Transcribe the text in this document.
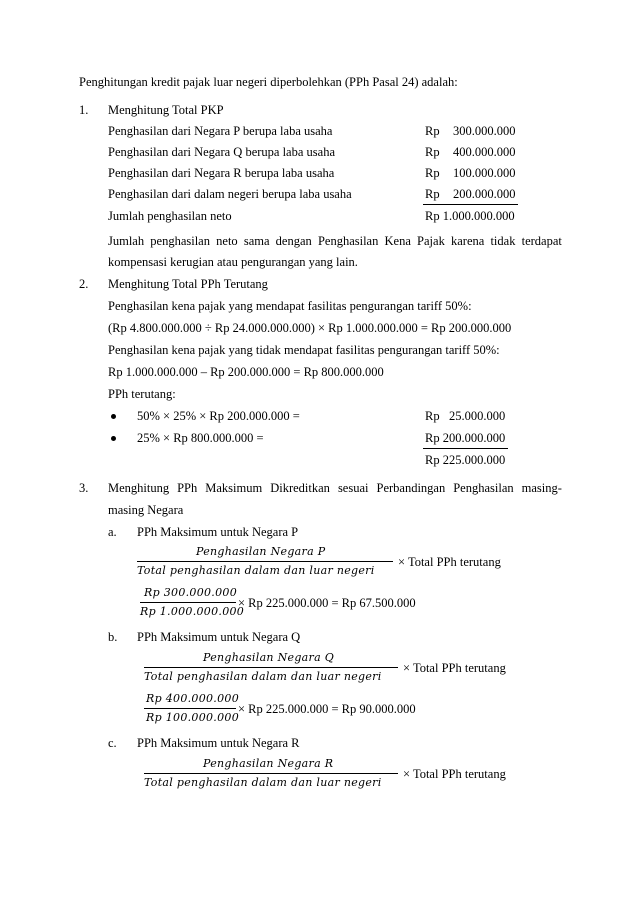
Penghitungan kredit pajak luar negeri diperbolehkan (PPh Pasal 24) adalah:
1. Menghitung Total PKP
Penghasilan dari Negara P berupa laba usaha	Rp 300.000.000
Penghasilan dari Negara Q berupa laba usaha	Rp 400.000.000
Penghasilan dari Negara R berupa laba usaha	Rp 100.000.000
Penghasilan dari dalam negeri berupa laba usaha	Rp 200.000.000
Jumlah penghasilan neto	Rp 1.000.000.000
Jumlah penghasilan neto sama dengan Penghasilan Kena Pajak karena tidak terdapat
kompensasi kerugian atau pengurangan yang lain.
2. Menghitung Total PPh Terutang
Penghasilan kena pajak yang mendapat fasilitas pengurangan tariff 50%:
(Rp 4.800.000.000 ÷ Rp 24.000.000.000) × Rp 1.000.000.000 = Rp 200.000.000
Penghasilan kena pajak yang tidak mendapat fasilitas pengurangan tariff 50%:
Rp 1.000.000.000 – Rp 200.000.000 = Rp 800.000.000
PPh terutang:
50% × 25% × Rp 200.000.000 =	Rp   25.000.000
25% × Rp 800.000.000 =	Rp 200.000.000
Rp 225.000.000
3. Menghitung PPh Maksimum Dikreditkan sesuai Perbandingan Penghasilan masing-
masing Negara
a. PPh Maksimum untuk Negara P
Penghasilan Negara P
Total penghasilan dalam dan luar negeri
× Total PPh terutang
Rp 300.000.000
Rp 1.000.000.000
× Rp 225.000.000 = Rp 67.500.000
b. PPh Maksimum untuk Negara Q
Penghasilan Negara Q
Total penghasilan dalam dan luar negeri
× Total PPh terutang
Rp 400.000.000
Rp 100.000.000
× Rp 225.000.000 = Rp 90.000.000
c. PPh Maksimum untuk Negara R
Penghasilan Negara R
Total penghasilan dalam dan luar negeri
× Total PPh terutang
